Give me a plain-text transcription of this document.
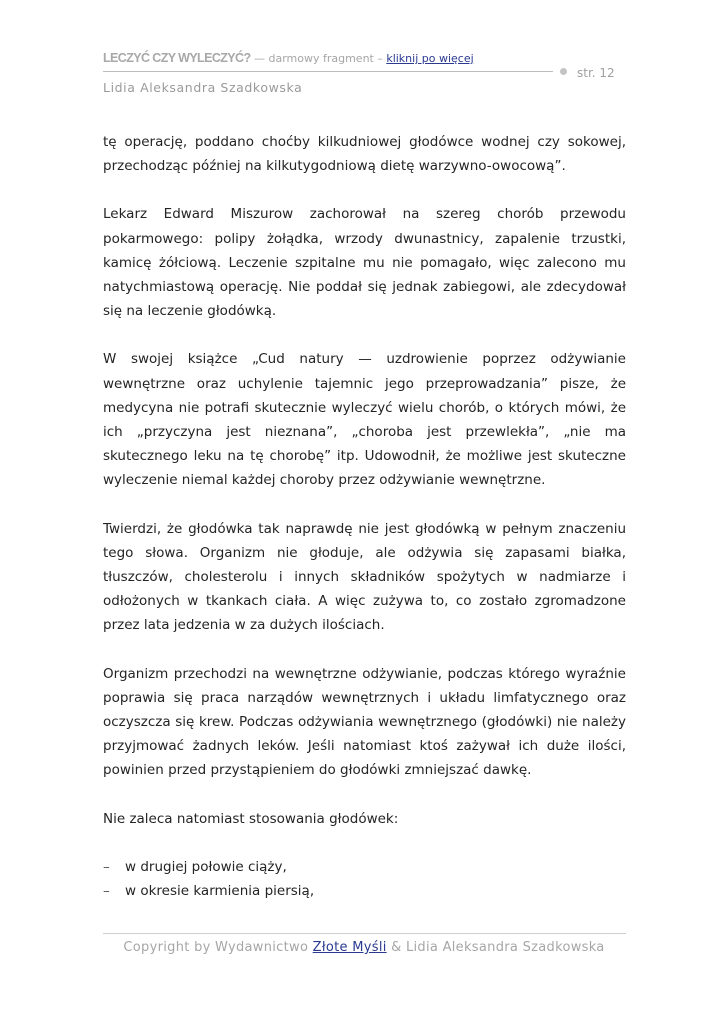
LECZYĆ CZY WYLECZYĆ? — darmowy fragment – kliknij po więcej
Lidia Aleksandra Szadkowska
str. 12

tę operację, poddano choćby kilkudniowej głodówce wodnej czy sokowej, przechodząc później na kilkutygodniową dietę warzywno-owocową”.

Lekarz Edward Miszurow zachorował na szereg chorób przewodu pokarmowego: polipy żołądka, wrzody dwunastnicy, zapalenie trzustki, kamicę żółciową. Leczenie szpitalne mu nie pomagało, więc zalecono mu natychmiastową operację. Nie poddał się jednak zabiegowi, ale zdecydował się na leczenie głodówką.

W swojej książce „Cud natury — uzdrowienie poprzez odżywianie wewnętrzne oraz uchylenie tajemnic jego przeprowadzania” pisze, że medycyna nie potrafi skutecznie wyleczyć wielu chorób, o których mówi, że ich „przyczyna jest nieznana”, „choroba jest przewlekła”, „nie ma skutecznego leku na tę chorobę” itp. Udowodnił, że możliwe jest skuteczne wyleczenie niemal każdej choroby przez odżywianie wewnętrzne.

Twierdzi, że głodówka tak naprawdę nie jest głodówką w pełnym znaczeniu tego słowa. Organizm nie głoduje, ale odżywia się zapasami białka, tłuszczów, cholesterolu i innych składników spożytych w nadmiarze i odłożonych w tkankach ciała. A więc zużywa to, co zostało zgromadzone przez lata jedzenia w za dużych ilościach.

Organizm przechodzi na wewnętrzne odżywianie, podczas którego wyraźnie poprawia się praca narządów wewnętrznych i układu limfatycznego oraz oczyszcza się krew. Podczas odżywiania wewnętrznego (głodówki) nie należy przyjmować żadnych leków. Jeśli natomiast ktoś zażywał ich duże ilości, powinien przed przystąpieniem do głodówki zmniejszać dawkę.

Nie zaleca natomiast stosowania głodówek:

– w drugiej połowie ciąży,
– w okresie karmienia piersią,
Copyright by Wydawnictwo Złote Myśli & Lidia Aleksandra Szadkowska
